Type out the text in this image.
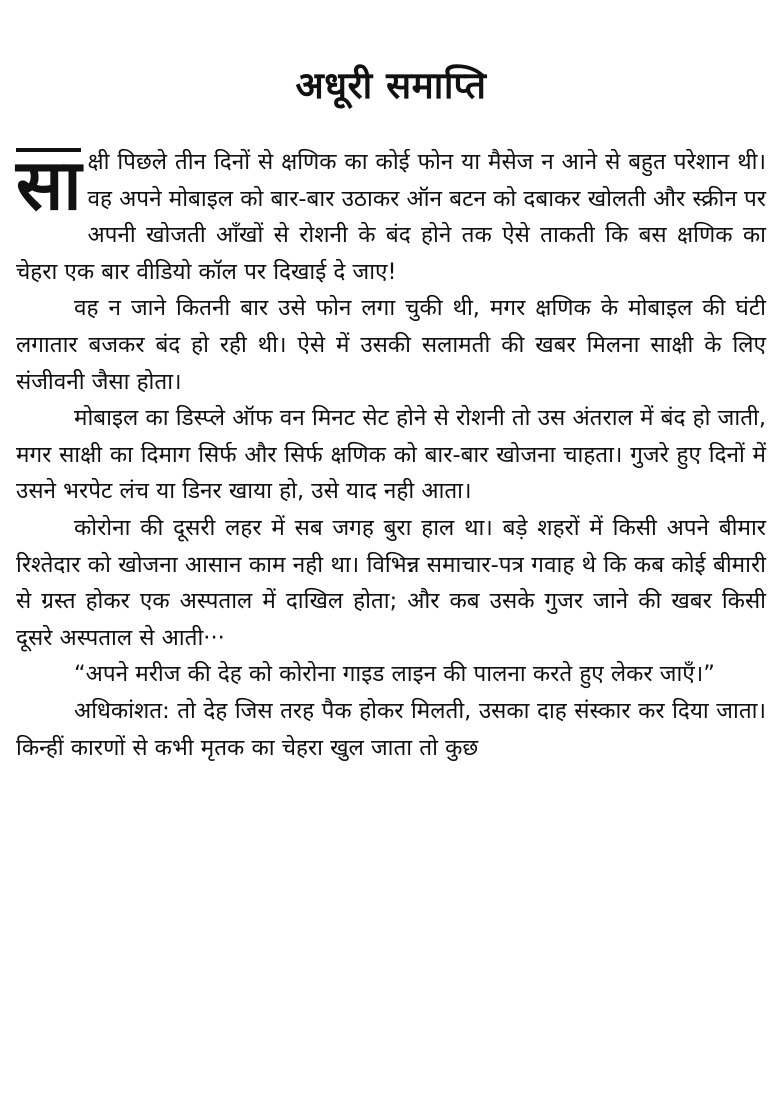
अधूरी समाप्ति

सा क्षी पिछले तीन दिनों से क्षणिक का कोई फोन या मैसेज न आने से बहुत परेशान थी। वह अपने मोबाइल को बार-बार उठाकर ऑन बटन को दबाकर खोलती और स्क्रीन पर अपनी खोजती आँखों से रोशनी के बंद होने तक ऐसे ताकती कि बस क्षणिक का चेहरा एक बार वीडियो कॉल पर दिखाई दे जाए!

वह न जाने कितनी बार उसे फोन लगा चुकी थी, मगर क्षणिक के मोबाइल की घंटी लगातार बजकर बंद हो रही थी। ऐसे में उसकी सलामती की खबर मिलना साक्षी के लिए संजीवनी जैसा होता।

मोबाइल का डिस्प्ले ऑफ वन मिनट सेट होने से रोशनी तो उस अंतराल में बंद हो जाती, मगर साक्षी का दिमाग सिर्फ और सिर्फ क्षणिक को बार-बार खोजना चाहता। गुजरे हुए दिनों में उसने भरपेट लंच या डिनर खाया हो, उसे याद नही आता।

कोरोना की दूसरी लहर में सब जगह बुरा हाल था। बड़े शहरों में किसी अपने बीमार रिश्तेदार को खोजना आसान काम नही था। विभिन्न समाचार-पत्र गवाह थे कि कब कोई बीमारी से ग्रस्त होकर एक अस्पताल में दाखिल होता; और कब उसके गुजर जाने की खबर किसी दूसरे अस्पताल से आती···

“अपने मरीज की देह को कोरोना गाइड लाइन की पालना करते हुए लेकर जाएँ।”

अधिकांशत: तो देह जिस तरह पैक होकर मिलती, उसका दाह संस्कार कर दिया जाता। किन्हीं कारणों से कभी मृतक का चेहरा खुल जाता तो कुछ
